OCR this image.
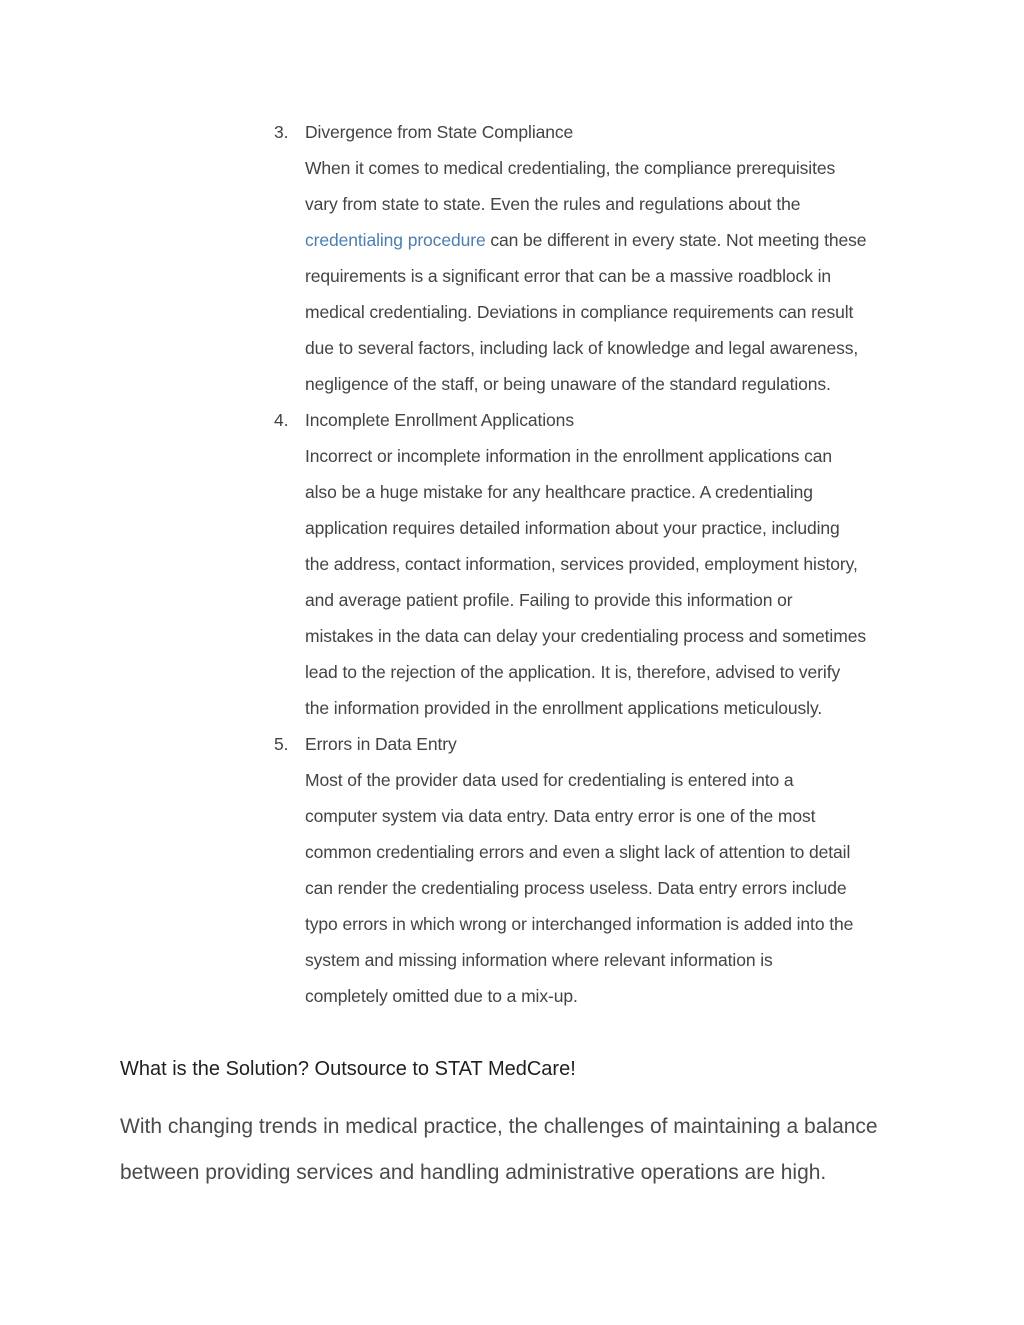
3. Divergence from State Compliance
When it comes to medical credentialing, the compliance prerequisites
vary from state to state. Even the rules and regulations about the
credentialing procedure can be different in every state. Not meeting these
requirements is a significant error that can be a massive roadblock in
medical credentialing. Deviations in compliance requirements can result
due to several factors, including lack of knowledge and legal awareness,
negligence of the staff, or being unaware of the standard regulations.
4. Incomplete Enrollment Applications
Incorrect or incomplete information in the enrollment applications can
also be a huge mistake for any healthcare practice. A credentialing
application requires detailed information about your practice, including
the address, contact information, services provided, employment history,
and average patient profile. Failing to provide this information or
mistakes in the data can delay your credentialing process and sometimes
lead to the rejection of the application. It is, therefore, advised to verify
the information provided in the enrollment applications meticulously.
5. Errors in Data Entry
Most of the provider data used for credentialing is entered into a
computer system via data entry. Data entry error is one of the most
common credentialing errors and even a slight lack of attention to detail
can render the credentialing process useless. Data entry errors include
typo errors in which wrong or interchanged information is added into the
system and missing information where relevant information is
completely omitted due to a mix-up.
What is the Solution? Outsource to STAT MedCare!

With changing trends in medical practice, the challenges of maintaining a balance
between providing services and handling administrative operations are high.
